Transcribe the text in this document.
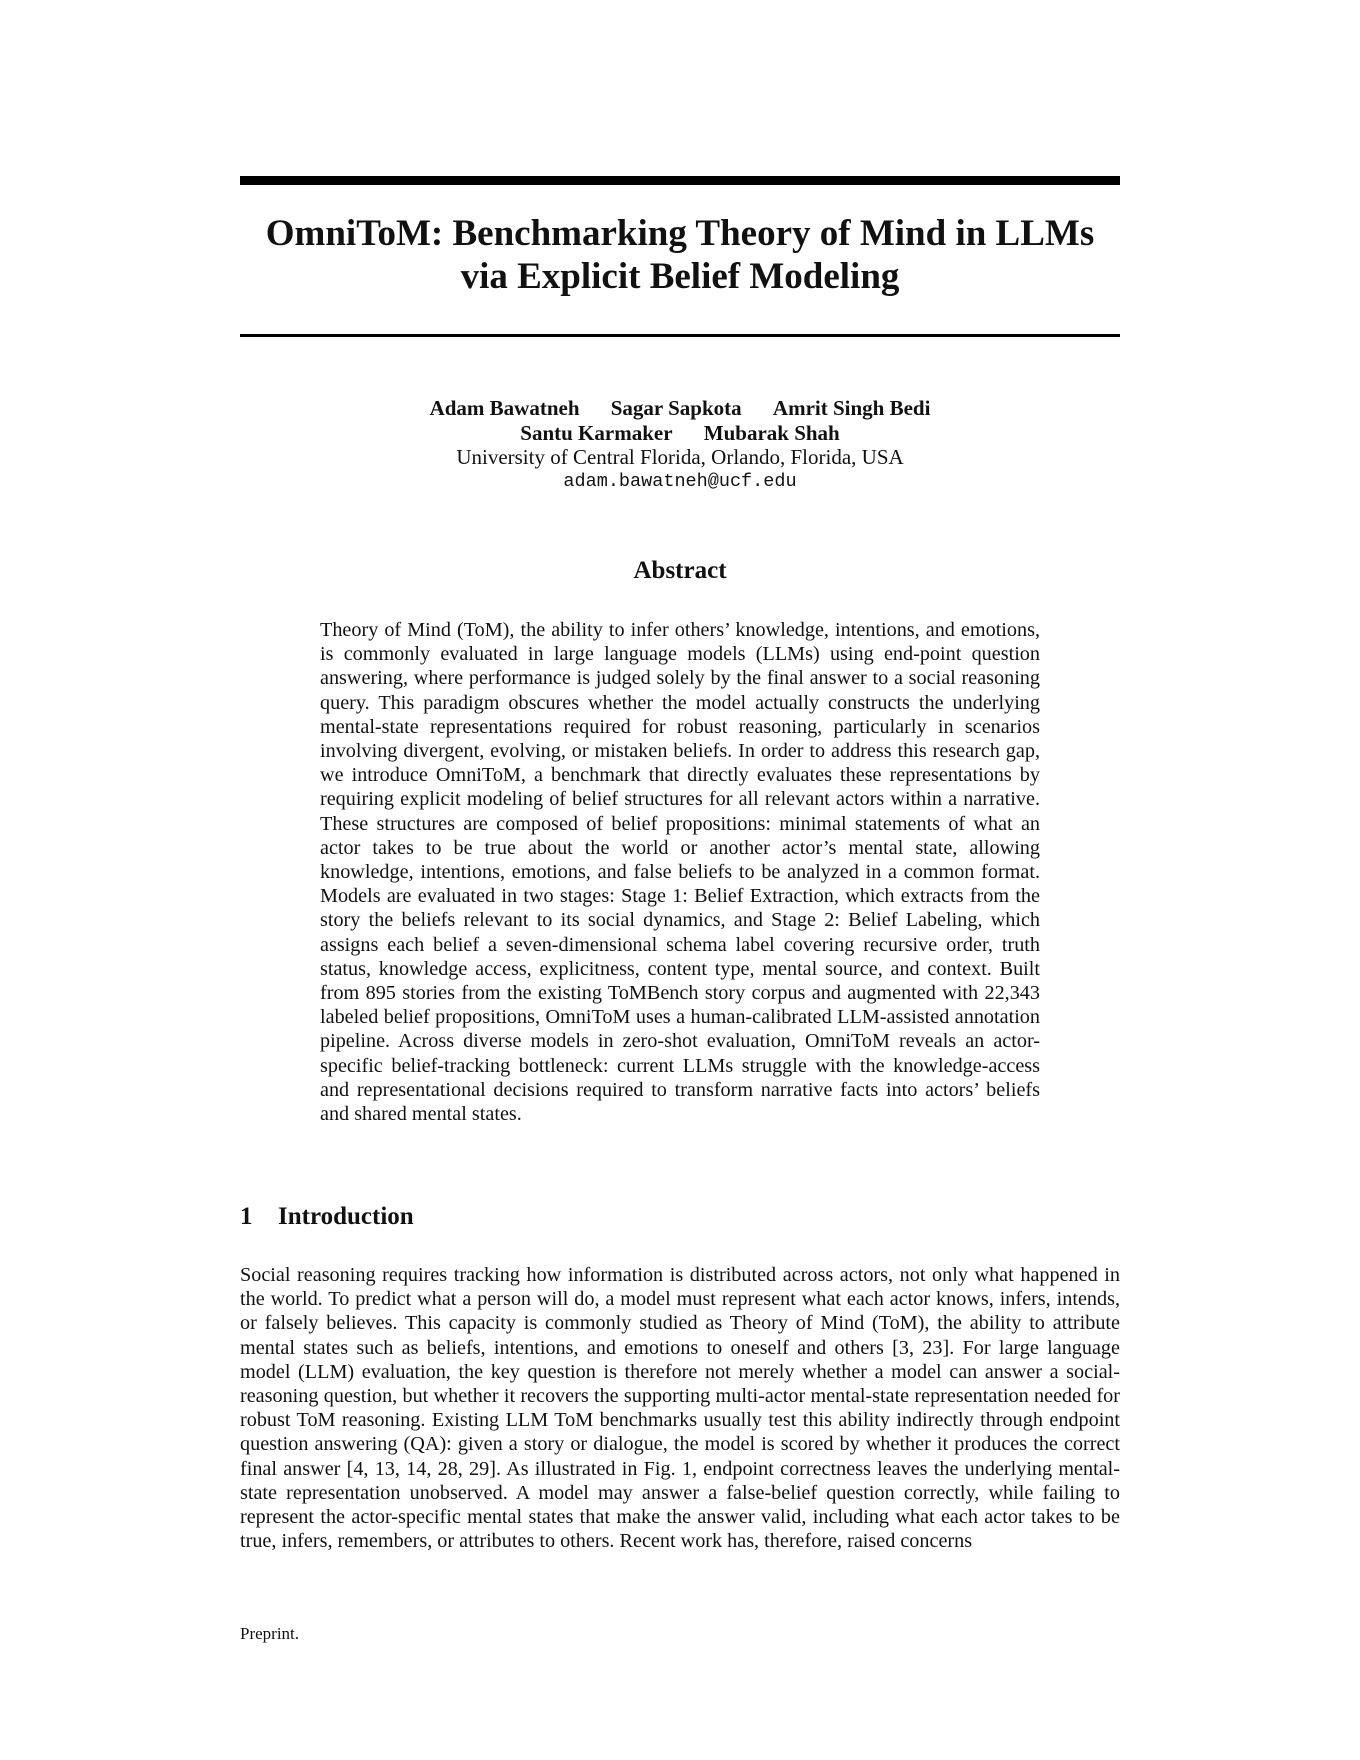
OmniToM: Benchmarking Theory of Mind in LLMs
via Explicit Belief Modeling
Adam Bawatneh Sagar Sapkota Amrit Singh Bedi
Santu Karmaker Mubarak Shah
University of Central Florida, Orlando, Florida, USA
adam.bawatneh@ucf.edu
Abstract

Theory of Mind (ToM), the ability to infer others’ knowledge, intentions, and emotions, is commonly evaluated in large language models (LLMs) using end-point question answering, where performance is judged solely by the final answer to a social reasoning query. This paradigm obscures whether the model actually constructs the underlying mental-state representations required for robust reasoning, particularly in scenarios involving divergent, evolving, or mistaken beliefs. In order to address this research gap, we introduce OmniToM, a benchmark that directly evaluates these representations by requiring explicit modeling of belief structures for all relevant actors within a narrative. These structures are composed of belief propositions: minimal statements of what an actor takes to be true about the world or another actor’s mental state, allowing knowledge, intentions, emotions, and false beliefs to be analyzed in a common format. Models are evaluated in two stages: Stage 1: Belief Extraction, which extracts from the story the beliefs relevant to its social dynamics, and Stage 2: Belief Labeling, which assigns each belief a seven-dimensional schema label covering recursive order, truth status, knowledge access, explicitness, content type, mental source, and context. Built from 895 stories from the existing ToMBench story corpus and augmented with 22,343 labeled belief propositions, OmniToM uses a human-calibrated LLM-assisted annotation pipeline. Across diverse models in zero-shot evaluation, OmniToM reveals an actor-specific belief-tracking bottleneck: current LLMs struggle with the knowledge-access and representational decisions required to transform narrative facts into actors’ beliefs and shared mental states.

1 Introduction

Social reasoning requires tracking how information is distributed across actors, not only what happened in the world. To predict what a person will do, a model must represent what each actor knows, infers, intends, or falsely believes. This capacity is commonly studied as Theory of Mind (ToM), the ability to attribute mental states such as beliefs, intentions, and emotions to oneself and others [3, 23]. For large language model (LLM) evaluation, the key question is therefore not merely whether a model can answer a social-reasoning question, but whether it recovers the supporting multi-actor mental-state representation needed for robust ToM reasoning. Existing LLM ToM benchmarks usually test this ability indirectly through endpoint question answering (QA): given a story or dialogue, the model is scored by whether it produces the correct final answer [4, 13, 14, 28, 29]. As illustrated in Fig. 1, endpoint correctness leaves the underlying mental-state representation unobserved. A model may answer a false-belief question correctly, while failing to represent the actor-specific mental states that make the answer valid, including what each actor takes to be true, infers, remembers, or attributes to others. Recent work has, therefore, raised concerns

Preprint.
